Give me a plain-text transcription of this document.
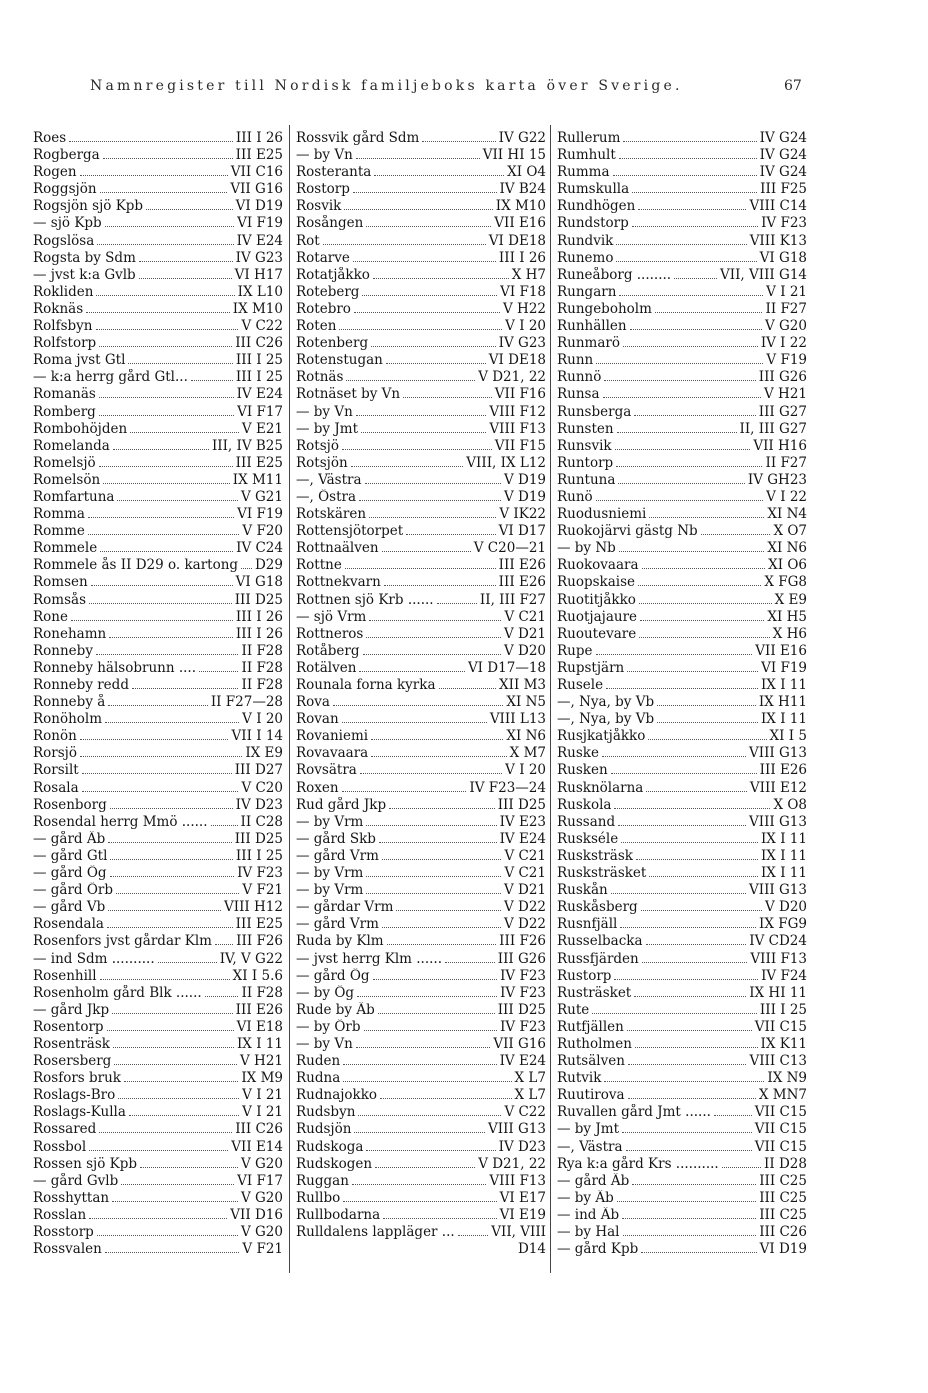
Namnregister till Nordisk familjeboks karta över Sverige.	67
Roes	III I 26
Rogberga	III E25
Rogen	VII C16
Roggsjön	VII G16
Rogsjön sjö Kpb	VI D19
— sjö Kpb	VI F19
Rogslösa	IV E24
Rogsta by Sdm	IV G23
— jvst k:a Gvlb	VI H17
Rokliden	IX L10
Roknäs	IX M10
Rolfsbyn	V C22
Rolfstorp	III C26
Roma jvst Gtl	III I 25
— k:a herrg gård Gtl...	III I 25
Romanäs	IV E24
Romberg	VI F17
Rombohöjden	V E21
Romelanda	III, IV B25
Romelsjö	III E25
Romelsön	IX M11
Romfartuna	V G21
Romma	VI F19
Romme	V F20
Rommele	IV C24
Rommele ås II D29 o. kartong D29
Romsen	VI G18
Romsås	III D25
Rone	III I 26
Ronehamn	III I 26
Ronneby	II F28
Ronneby hälsobrunn ....	II F28
Ronneby redd	II F28
Ronneby å	II F27—28
Ronöholm	V I 20
Ronön	VII I 14
Rorsjö	IX E9
Rorsilt	III D27
Rosala	V C20
Rosenborg	IV D23
Rosendal herrg Mmö ...... II C28
— gård Äb	III D25
— gård Gtl	III I 25
— gård Ög	IV F23
— gård Örb	V F21
— gård Vb	VIII H12
Rosendala	III E25
Rosenfors jvst gårdar Klm III F26
— ind Sdm ..........	IV, V G22
Rosenhill	XI I 5.6
Rosenholm gård Blk ......	II F28
— gård Jkp	III E26
Rosentorp	VI E18
Rosenträsk	IX I 11
Rosersberg	V H21
Rosfors bruk	IX M9
Roslags-Bro	V I 21
Roslags-Kulla	V I 21
Rossared	III C26
Rossbol	VII E14
Rossen sjö Kpb	V G20
— gård Gvlb	VI F17
Rosshyttan	V G20
Rosslan	VII D16
Rosstorp	V G20
Rossvalen	V F21
Rossvik gård Sdm	IV G22
— by Vn	VII HI 15
Rosteranta	XI O4
Rostorp	IV B24
Rosvik	IX M10
Rosången	VII E16
Rot	VI DE18
Rotarve	III I 26
Rotatjåkko	X H7
Roteberg	VI F18
Rotebro	V H22
Roten	V I 20
Rotenberg	IV G23
Rotenstugan	VI DE18
Rotnäs	V D21, 22
Rotnäset by Vn	VII F16
— by Vn	VIII F12
— by Jmt	VIII F13
Rotsjö	VII F15
Rotsjön	VIII, IX L12
—, Västra	V D19
—, Östra	V D19
Rotskären	V IK22
Rottensjötorpet	VI D17
Rottnaälven	V C20—21
Rottne	III E26
Rottnekvarn	III E26
Rottnen sjö Krb ......	II, III F27
— sjö Vrm	V C21
Rottneros	V D21
Rotåberg	V D20
Rotälven	VI D17—18
Rounala forna kyrka	XII M3
Rova	XI N5
Rovan	VIII L13
Rovaniemi	XI N6
Rovavaara	X M7
Rovsätra	V I 20
Roxen	IV F23—24
Rud gård Jkp	III D25
— by Vrm	IV E23
— gård Skb	IV E24
— gård Vrm	V C21
— by Vrm	V C21
— by Vrm	V D21
— gårdar Vrm	V D22
— gård Vrm	V D22
Ruda by Klm	III F26
— jvst herrg Klm ......	III G26
— gård Ög	IV F23
— by Ög	IV F23
Rude by Äb	III D25
— by Örb	IV F23
— by Vn	VII G16
Ruden	IV E24
Rudna	X L7
Rudnajokko	X L7
Rudsbyn	V C22
Rudsjön	VIII G13
Rudskoga	IV D23
Rudskogen	V D21, 22
Ruggan	VIII F13
Rullbo	VI E17
Rullbodarna	VI E19
Rulldalens lappläger ...	VII, VIII
D14
Rullerum	IV G24
Rumhult	IV G24
Rumma	IV G24
Rumskulla	III F25
Rundhögen	VIII C14
Rundstorp	IV F23
Rundvik	VIII K13
Runemo	VI G18
Runeåborg ........	VII, VIII G14
Rungarn	V I 21
Rungeboholm	II F27
Runhällen	V G20
Runmarö	IV I 22
Runn	V F19
Runnö	III G26
Runsa	V H21
Runsberga	III G27
Runsten	II, III G27
Runsvik	VII H16
Runtorp	II F27
Runtuna	IV GH23
Runö	V I 22
Ruodusniemi	XI N4
Ruokojärvi gästg Nb	X O7
— by Nb	XI N6
Ruokovaara	XI O6
Ruopskaise	X FG8
Ruotitjåkko	X E9
Ruotjajaure	XI H5
Ruoutevare	X H6
Rupe	VII E16
Rupstjärn	VI F19
Rusele	IX I 11
—, Nya, by Vb	IX H11
—, Nya, by Vb	IX I 11
Rusjkatjåkko	XI I 5
Ruske	VIII G13
Rusken	III E26
Rusknölarna	VIII E12
Ruskola	X O8
Russand	VIII G13
Ruskséle	IX I 11
Rusksträsk	IX I 11
Rusksträsket	IX I 11
Ruskån	VIII G13
Ruskåsberg	V D20
Rusnfjäll	IX FG9
Russelbacka	IV CD24
Russfjärden	VIII F13
Rustorp	IV F24
Rusträsket	IX HI 11
Rute	III I 25
Rutfjällen	VII C15
Rutholmen	IX K11
Rutsälven	VIII C13
Rutvik	IX N9
Ruutirova	X MN7
Ruvallen gård Jmt ......	VII C15
— by Jmt	VII C15
—, Västra	VII C15
Rya k:a gård Krs ..........	II D28
— gård Äb	III C25
— by Äb	III C25
— ind Äb	III C25
— by Hal	III C26
— gård Kpb	VI D19
